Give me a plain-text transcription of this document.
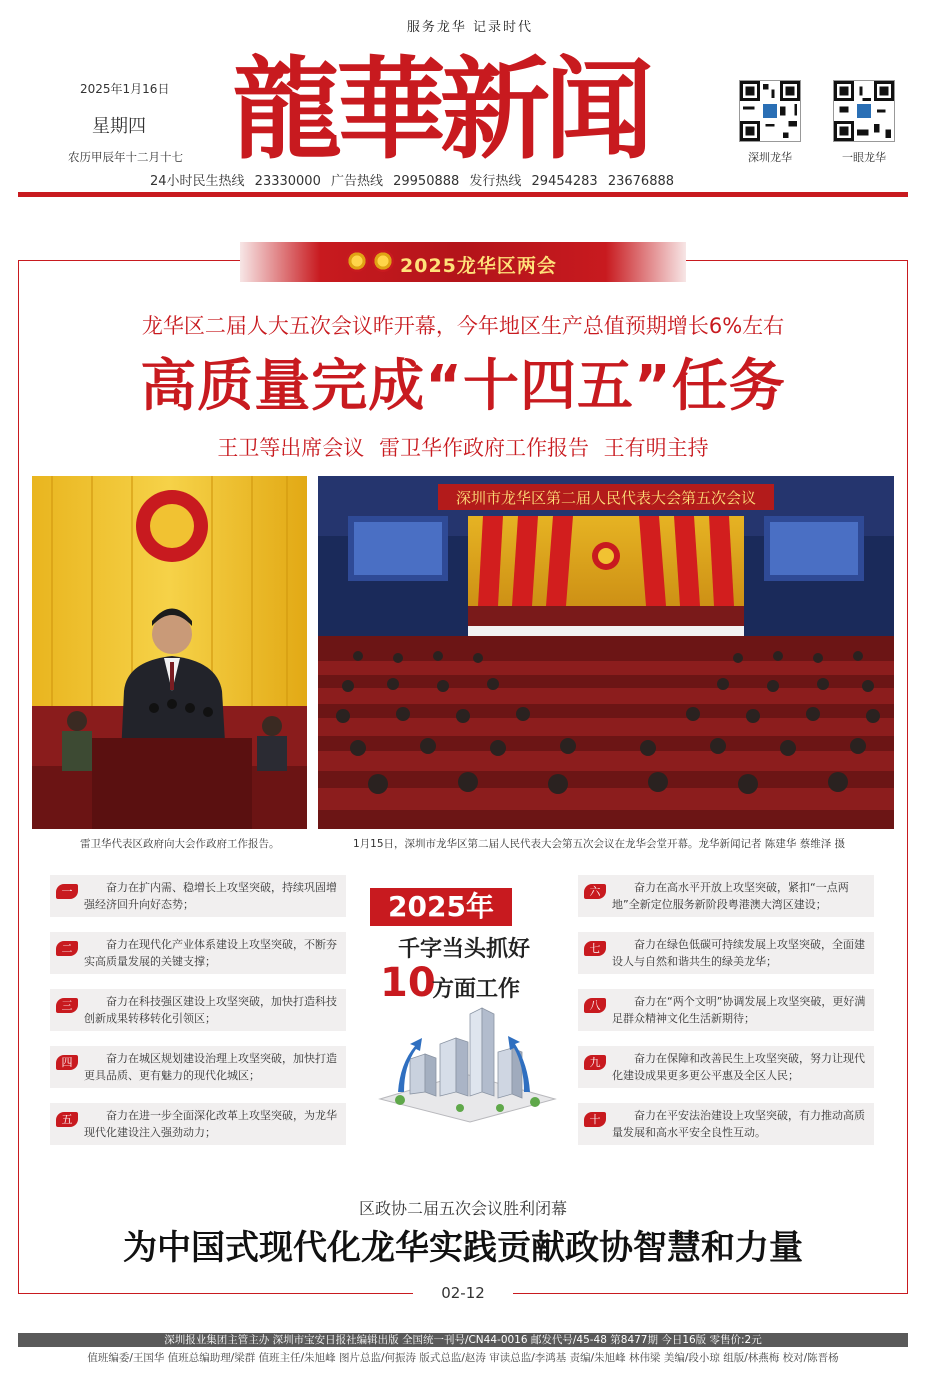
服务龙华 记录时代
2025年1月16日
星期四
农历甲辰年十二月十七 龍華新闻	深圳龙华	一眼龙华
24小时民生热线 23330000 广告热线 29950888 发行热线 29454283 23676888
2025龙华区两会
龙华区二届人大五次会议昨开幕，今年地区生产总值预期增长6%左右
高质量完成“十四五”任务
王卫等出席会议 雷卫华作政府工作报告 王有明主持
深圳市龙华区第二届人民代表大会第五次会议
雷卫华代表区政府向大会作政府工作报告。	1月15日，深圳市龙华区第二届人民代表大会第五次会议在龙华会堂开幕。龙华新闻记者 陈建华 蔡维泽 摄
一	奋力在扩内需、稳增长上攻坚突破，持续巩固增强经济回升向好态势；
二	奋力在现代化产业体系建设上攻坚突破，不断夯实高质量发展的关键支撑；
三	奋力在科技强区建设上攻坚突破，加快打造科技创新成果转移转化引领区；
四	奋力在城区规划建设治理上攻坚突破，加快打造更具品质、更有魅力的现代化城区；
五	奋力在进一步全面深化改革上攻坚突破，为龙华现代化建设注入强劲动力；
六	奋力在高水平开放上攻坚突破，紧扣“一点两地”全新定位服务新阶段粤港澳大湾区建设；
七	奋力在绿色低碳可持续发展上攻坚突破，全面建设人与自然和谐共生的绿美龙华；
八	奋力在“两个文明”协调发展上攻坚突破，更好满足群众精神文化生活新期待；
九	奋力在保障和改善民生上攻坚突破，努力让现代化建设成果更多更公平惠及全区人民；
十	奋力在平安法治建设上攻坚突破，有力推动高质量发展和高水平安全良性互动。
2025年
千字当头抓好
10
方面工作
区政协二届五次会议胜利闭幕
为中国式现代化龙华实践贡献政协智慧和力量
02-12
深圳报业集团主管主办 深圳市宝安日报社编辑出版 全国统一刊号/CN44-0016 邮发代号/45-48 第8477期 今日16版 零售价:2元
值班编委/王国华 值班总编助理/梁群 值班主任/朱旭峰 图片总监/何振涛 版式总监/赵涛 审读总监/李鸿基 责编/朱旭峰 林伟梁 美编/段小琼 组版/林燕梅 校对/陈晋杨
